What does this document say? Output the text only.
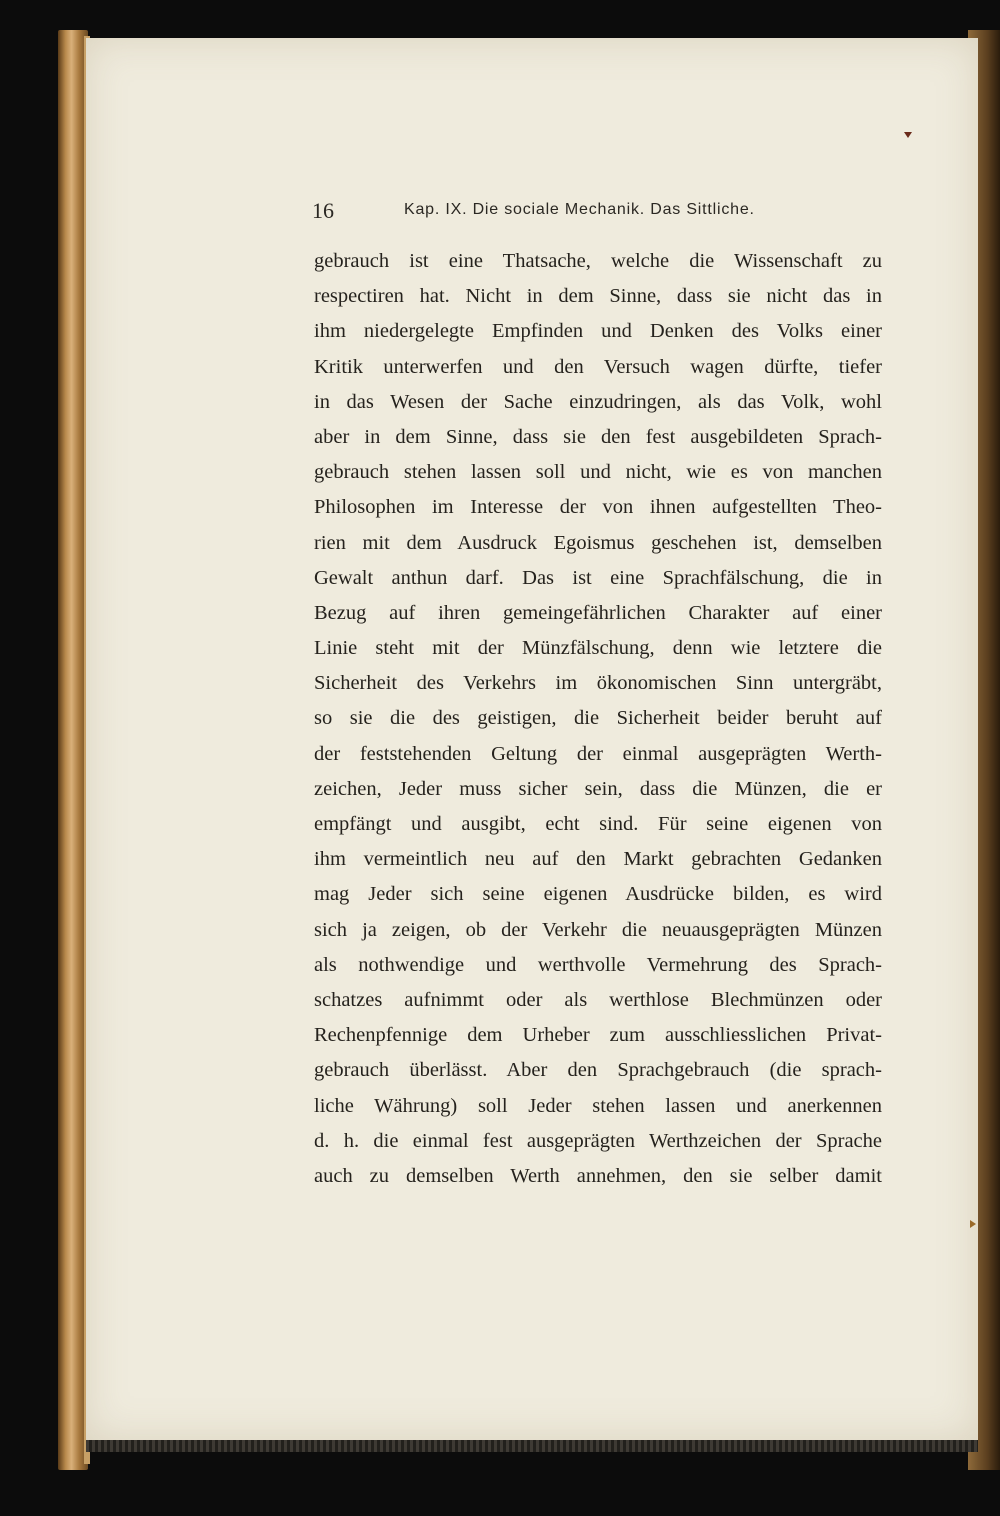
16	Kap. IX. Die sociale Mechanik. Das Sittliche.
gebrauch ist eine Thatsache, welche die Wissenschaft zu
respectiren hat. Nicht in dem Sinne, dass sie nicht das in
ihm niedergelegte Empfinden und Denken des Volks einer
Kritik unterwerfen und den Versuch wagen dürfte, tiefer
in das Wesen der Sache einzudringen, als das Volk, wohl
aber in dem Sinne, dass sie den fest ausgebildeten Sprach-
gebrauch stehen lassen soll und nicht, wie es von manchen
Philosophen im Interesse der von ihnen aufgestellten Theo-
rien mit dem Ausdruck Egoismus geschehen ist, demselben
Gewalt anthun darf. Das ist eine Sprachfälschung, die in
Bezug auf ihren gemeingefährlichen Charakter auf einer
Linie steht mit der Münzfälschung, denn wie letztere die
Sicherheit des Verkehrs im ökonomischen Sinn untergräbt,
so sie die des geistigen, die Sicherheit beider beruht auf
der feststehenden Geltung der einmal ausgeprägten Werth-
zeichen, Jeder muss sicher sein, dass die Münzen, die er
empfängt und ausgibt, echt sind. Für seine eigenen von
ihm vermeintlich neu auf den Markt gebrachten Gedanken
mag Jeder sich seine eigenen Ausdrücke bilden, es wird
sich ja zeigen, ob der Verkehr die neuausgeprägten Münzen
als nothwendige und werthvolle Vermehrung des Sprach-
schatzes aufnimmt oder als werthlose Blechmünzen oder
Rechenpfennige dem Urheber zum ausschliesslichen Privat-
gebrauch überlässt. Aber den Sprachgebrauch (die sprach-
liche Währung) soll Jeder stehen lassen und anerkennen
d. h. die einmal fest ausgeprägten Werthzeichen der Sprache
auch zu demselben Werth annehmen, den sie selber damit
